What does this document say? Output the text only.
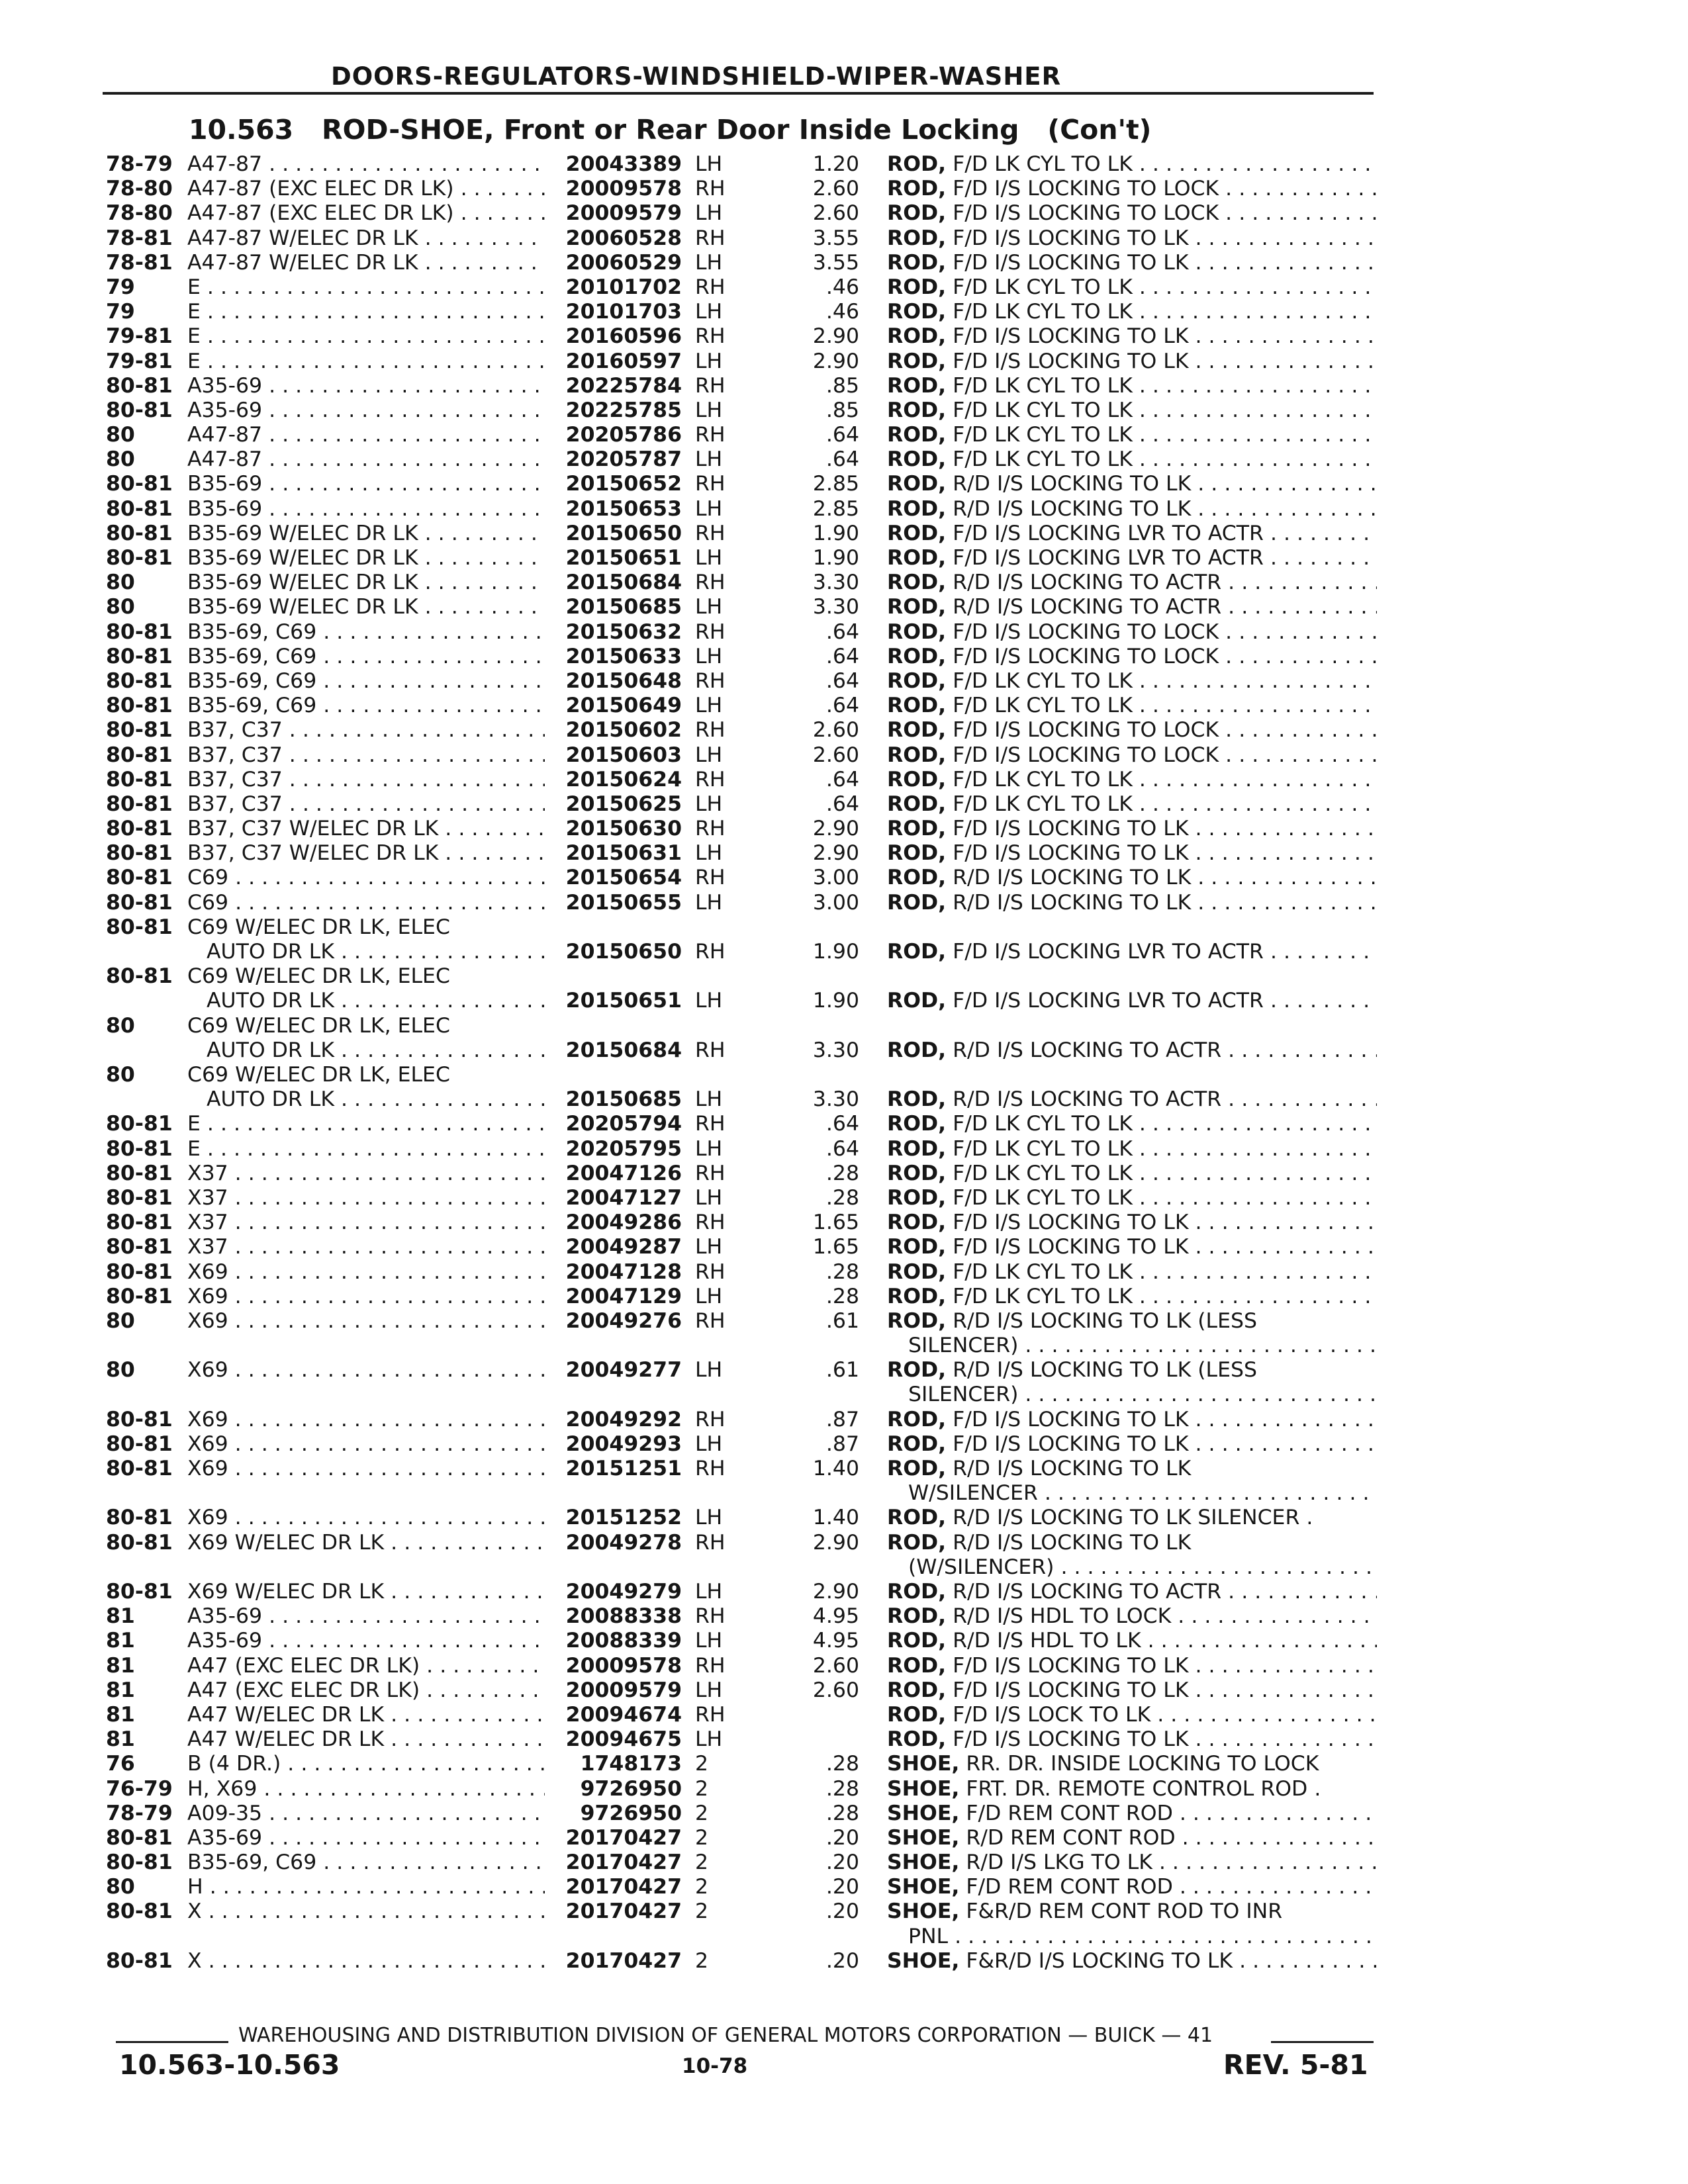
DOORS-REGULATORS-WINDSHIELD-WIPER-WASHER
10.563 ROD-SHOE, Front or Rear Door Inside Locking (Con't)
78-79 A47-87 . . .	20043389 LH	1.20 ROD, F/D LK CYL TO LK . . .
78-80 A47-87 (EXC ELEC DR LK) . . .	20009578 RH	2.60 ROD, F/D I/S LOCKING TO LOCK . . .
78-80 A47-87 (EXC ELEC DR LK) . . .	20009579 LH	2.60 ROD, F/D I/S LOCKING TO LOCK . . .
78-81 A47-87 W/ELEC DR LK . . .	20060528 RH	3.55 ROD, F/D I/S LOCKING TO LK . . .
78-81 A47-87 W/ELEC DR LK . . .	20060529 LH	3.55 ROD, F/D I/S LOCKING TO LK . . .
79	E . . .	20101702 RH	.46 ROD, F/D LK CYL TO LK . . .
79	E . . .	20101703 LH	.46 ROD, F/D LK CYL TO LK . . .
79-81 E . . .	20160596 RH	2.90 ROD, F/D I/S LOCKING TO LK . . .
79-81 E . . .	20160597 LH	2.90 ROD, F/D I/S LOCKING TO LK . . .
80-81 A35-69 . . .	20225784 RH	.85 ROD, F/D LK CYL TO LK . . .
80-81 A35-69 . . .	20225785 LH	.85 ROD, F/D LK CYL TO LK . . .
80	A47-87 . . .	20205786 RH	.64 ROD, F/D LK CYL TO LK . . .
80	A47-87 . . .	20205787 LH	.64 ROD, F/D LK CYL TO LK . . .
80-81 B35-69 . . .	20150652 RH	2.85 ROD, R/D I/S LOCKING TO LK . . .
80-81 B35-69 . . .	20150653 LH	2.85 ROD, R/D I/S LOCKING TO LK . . .
80-81 B35-69 W/ELEC DR LK . . .	20150650 RH	1.90 ROD, F/D I/S LOCKING LVR TO ACTR . . .
80-81 B35-69 W/ELEC DR LK . . .	20150651 LH	1.90 ROD, F/D I/S LOCKING LVR TO ACTR . . .
80	B35-69 W/ELEC DR LK . . .	20150684 RH	3.30 ROD, R/D I/S LOCKING TO ACTR . . .
80	B35-69 W/ELEC DR LK . . .	20150685 LH	3.30 ROD, R/D I/S LOCKING TO ACTR . . .
80-81 B35-69, C69 . . .	20150632 RH	.64 ROD, F/D I/S LOCKING TO LOCK . . .
80-81 B35-69, C69 . . .	20150633 LH	.64 ROD, F/D I/S LOCKING TO LOCK . . .
80-81 B35-69, C69 . . .	20150648 RH	.64 ROD, F/D LK CYL TO LK . . .
80-81 B35-69, C69 . . .	20150649 LH	.64 ROD, F/D LK CYL TO LK . . .
80-81 B37, C37 . . .	20150602 RH	2.60 ROD, F/D I/S LOCKING TO LOCK . . .
80-81 B37, C37 . . .	20150603 LH	2.60 ROD, F/D I/S LOCKING TO LOCK . . .
80-81 B37, C37 . . .	20150624 RH	.64 ROD, F/D LK CYL TO LK . . .
80-81 B37, C37 . . .	20150625 LH	.64 ROD, F/D LK CYL TO LK . . .
80-81 B37, C37 W/ELEC DR LK . . .	20150630 RH	2.90 ROD, F/D I/S LOCKING TO LK . . .
80-81 B37, C37 W/ELEC DR LK . . .	20150631 LH	2.90 ROD, F/D I/S LOCKING TO LK . . .
80-81 C69 . . .	20150654 RH	3.00 ROD, R/D I/S LOCKING TO LK . . .
80-81 C69 . . .	20150655 LH	3.00 ROD, R/D I/S LOCKING TO LK . . .
80-81 C69 W/ELEC DR LK, ELEC
AUTO DR LK . . .	20150650 RH	1.90 ROD, F/D I/S LOCKING LVR TO ACTR . . .
80-81 C69 W/ELEC DR LK, ELEC
AUTO DR LK . . .	20150651 LH	1.90 ROD, F/D I/S LOCKING LVR TO ACTR . . .
80	C69 W/ELEC DR LK, ELEC
AUTO DR LK . . .	20150684 RH	3.30 ROD, R/D I/S LOCKING TO ACTR . . .
80	C69 W/ELEC DR LK, ELEC
AUTO DR LK . . .	20150685 LH	3.30 ROD, R/D I/S LOCKING TO ACTR . . .
80-81 E . . .	20205794 RH	.64 ROD, F/D LK CYL TO LK . . .
80-81 E . . .	20205795 LH	.64 ROD, F/D LK CYL TO LK . . .
80-81 X37 . . .	20047126 RH	.28 ROD, F/D LK CYL TO LK . . .
80-81 X37 . . .	20047127 LH	.28 ROD, F/D LK CYL TO LK . . .
80-81 X37 . . .	20049286 RH	1.65 ROD, F/D I/S LOCKING TO LK . . .
80-81 X37 . . .	20049287 LH	1.65 ROD, F/D I/S LOCKING TO LK . . .
80-81 X69 . . .	20047128 RH	.28 ROD, F/D LK CYL TO LK . . .
80-81 X69 . . .	20047129 LH	.28 ROD, F/D LK CYL TO LK . . .
80	X69 . . .	20049276 RH	.61 ROD, R/D I/S LOCKING TO LK (LESS
SILENCER) . . .
80	X69 . . .	20049277 LH	.61 ROD, R/D I/S LOCKING TO LK (LESS
SILENCER) . . .
80-81 X69 . . .	20049292 RH	.87 ROD, F/D I/S LOCKING TO LK . . .
80-81 X69 . . .	20049293 LH	.87 ROD, F/D I/S LOCKING TO LK . . .
80-81 X69 . . .	20151251 RH	1.40 ROD, R/D I/S LOCKING TO LK
W/SILENCER . . .
80-81 X69 . . .	20151252 LH	1.40 ROD, R/D I/S LOCKING TO LK SILENCER .
80-81 X69 W/ELEC DR LK . . .	20049278 RH	2.90 ROD, R/D I/S LOCKING TO LK
(W/SILENCER) . . .
80-81 X69 W/ELEC DR LK . . .	20049279 LH	2.90 ROD, R/D I/S LOCKING TO ACTR . . .
81	A35-69 . . .	20088338 RH	4.95 ROD, R/D I/S HDL TO LOCK . . .
81	A35-69 . . .	20088339 LH	4.95 ROD, R/D I/S HDL TO LK . . .
81	A47 (EXC ELEC DR LK) . . .	20009578 RH	2.60 ROD, F/D I/S LOCKING TO LK . . .
81	A47 (EXC ELEC DR LK) . . .	20009579 LH	2.60 ROD, F/D I/S LOCKING TO LK . . .
81	A47 W/ELEC DR LK . . .	20094674 RH	ROD, F/D I/S LOCK TO LK . . .
81	A47 W/ELEC DR LK . . .	20094675 LH	ROD, F/D I/S LOCKING TO LK . . .
76	B (4 DR.) . . .	1748173 2	.28 SHOE, RR. DR. INSIDE LOCKING TO LOCK
76-79 H, X69 . . .	9726950 2	.28 SHOE, FRT. DR. REMOTE CONTROL ROD .
78-79 A09-35 . . .	9726950 2	.28 SHOE, F/D REM CONT ROD . . .
80-81 A35-69 . . .	20170427 2	.20 SHOE, R/D REM CONT ROD . . .
80-81 B35-69, C69 . . .	20170427 2	.20 SHOE, R/D I/S LKG TO LK . . .
80	H . . .	20170427 2	.20 SHOE, F/D REM CONT ROD . . .
80-81 X . . .	20170427 2	.20 SHOE, F&R/D REM CONT ROD TO INR
PNL . . .
80-81 X . . .	20170427 2	.20 SHOE, F&R/D I/S LOCKING TO LK . . .
WAREHOUSING AND DISTRIBUTION DIVISION OF GENERAL MOTORS CORPORATION — BUICK — 41
10.563-10.563	10-78	REV. 5-81
